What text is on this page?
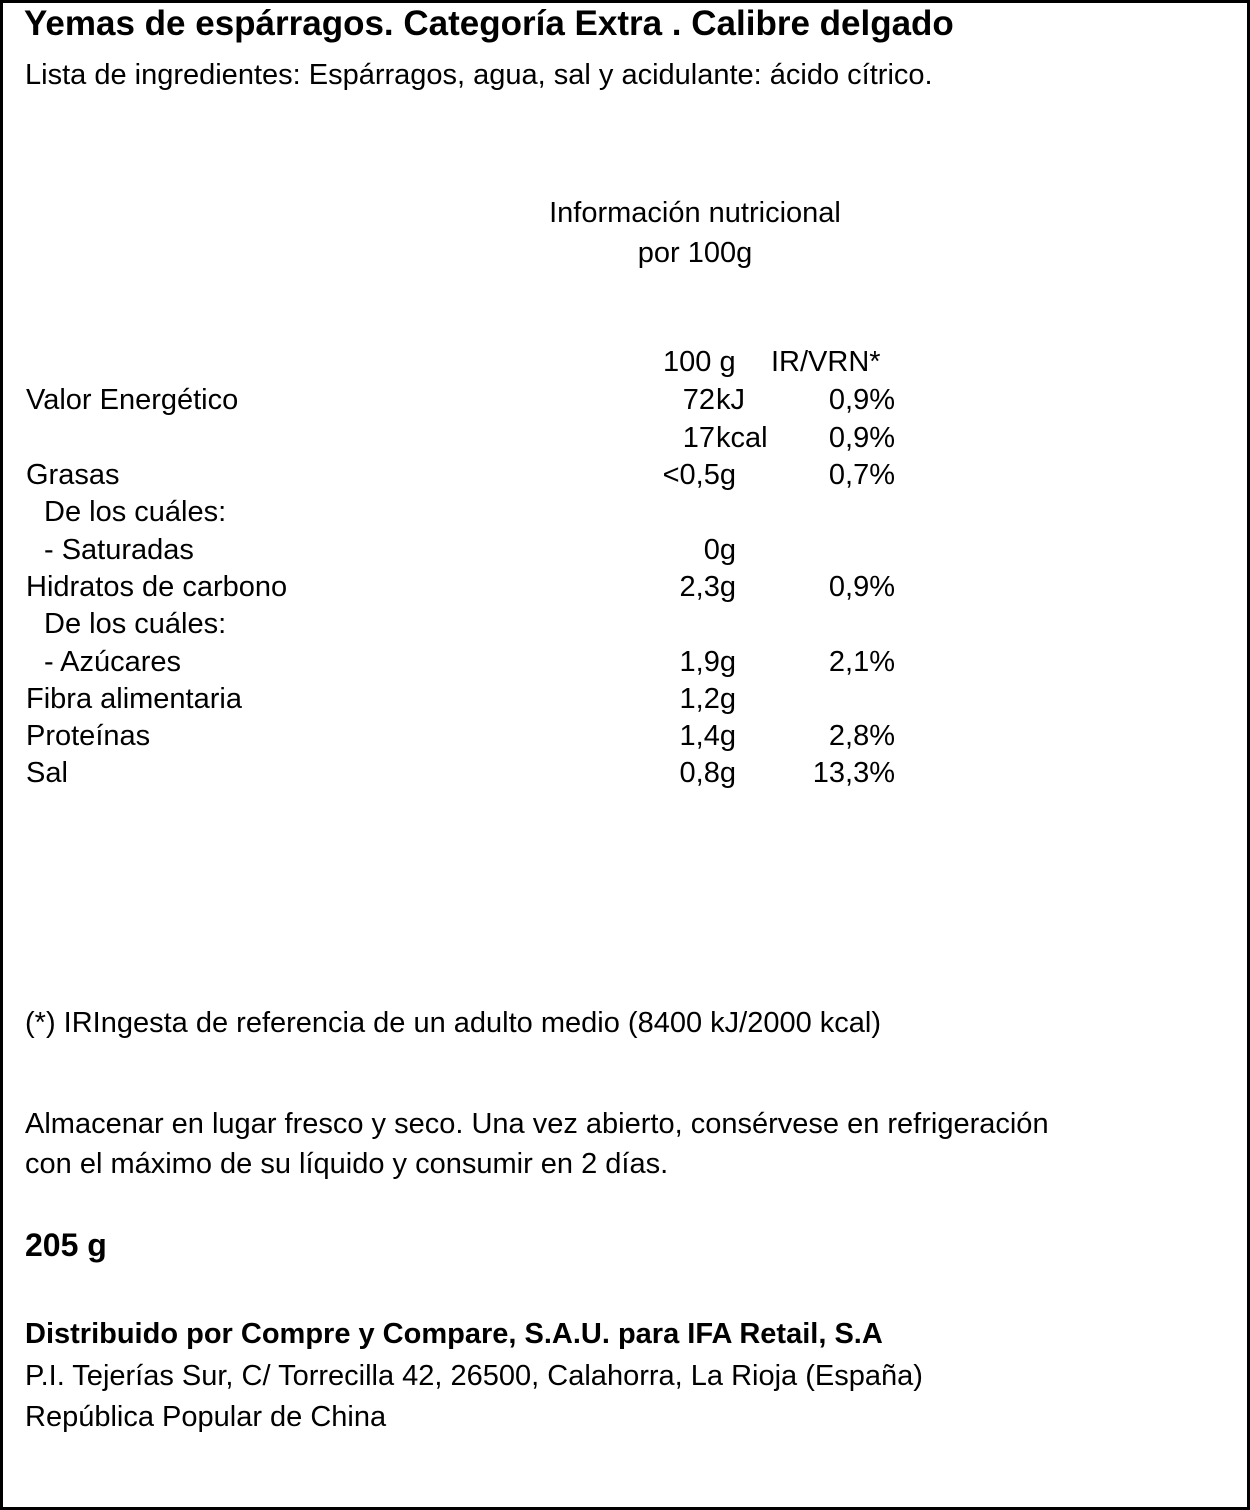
Yemas de espárragos. Categoría Extra . Calibre delgado

Lista de ingredientes: Espárragos, agua, sal y acidulante: ácido cítrico.

Información nutricional

por 100g

100 g IR/VRN*
Valor Energético	72 kJ	0,9%
17 kcal	0,9%
Grasas	<0,5g	0,7%
De los cuáles:
- Saturadas	0g
Hidratos de carbono	2,3g	0,9%
De los cuáles:
- Azúcares	1,9g	2,1%
Fibra alimentaria	1,2g
Proteínas	1,4g	2,8%
Sal	0,8g	13,3%

(*) IRIngesta de referencia de un adulto medio (8400 kJ/2000 kcal)

Almacenar en lugar fresco y seco. Una vez abierto, consérvese en refrigeración

con el máximo de su líquido y consumir en 2 días.

205 g

Distribuido por Compre y Compare, S.A.U. para IFA Retail, S.A

P.I. Tejerías Sur, C/ Torrecilla 42, 26500, Calahorra, La Rioja (España)

República Popular de China
